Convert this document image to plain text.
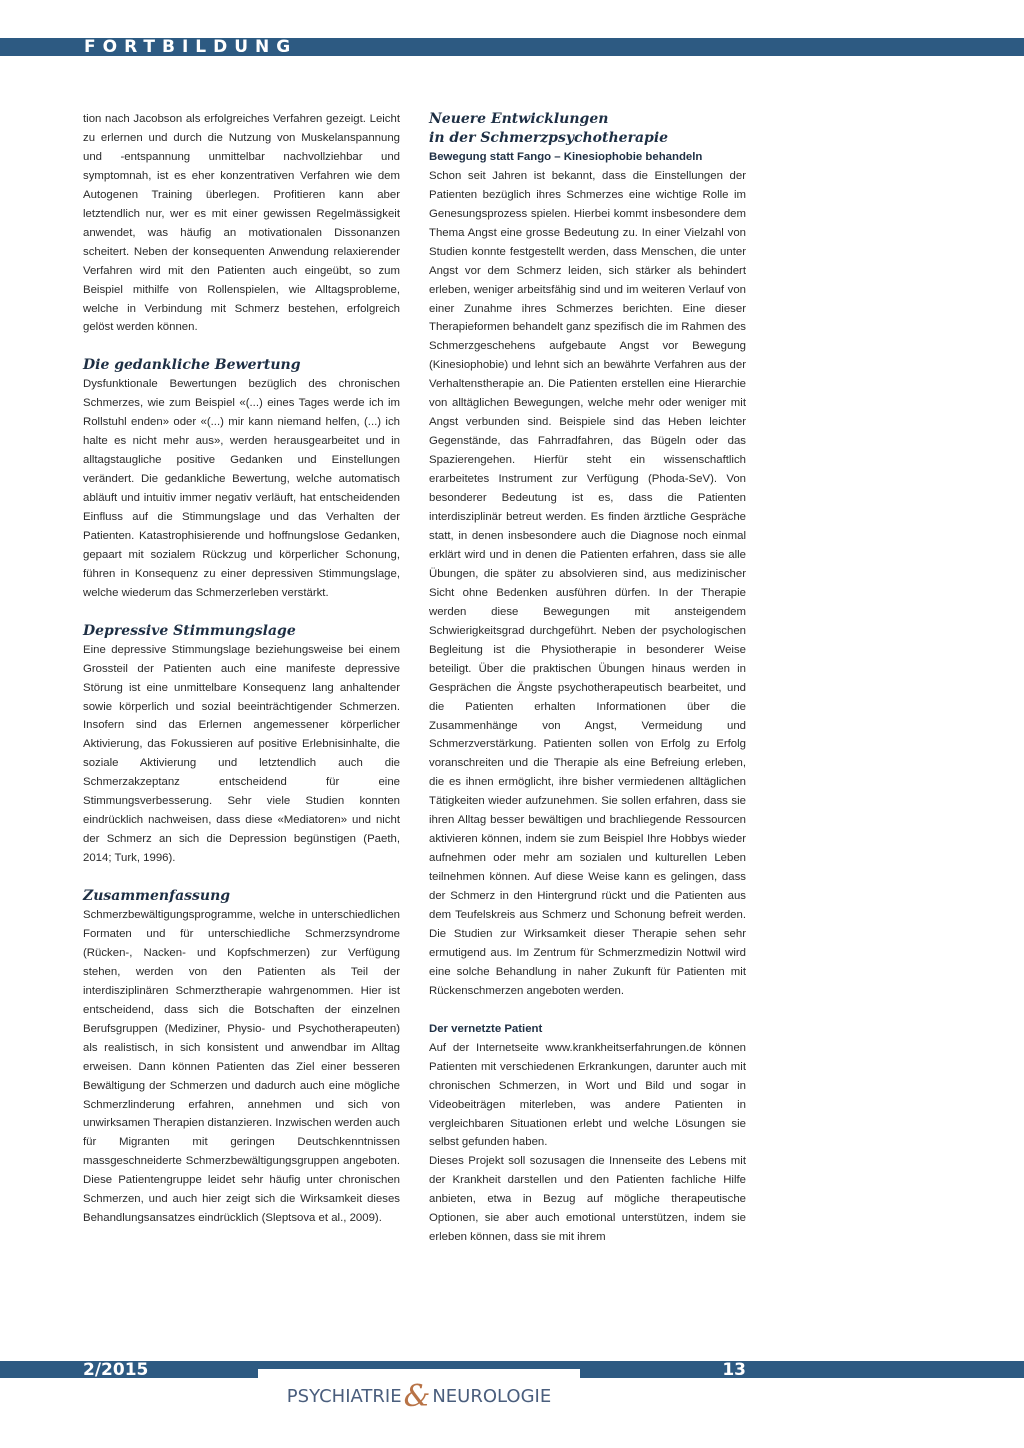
FORTBILDUNG

tion nach Jacobson als erfolgreiches Verfahren gezeigt. Leicht zu erlernen und durch die Nutzung von Muskelanspannung und -entspannung unmittelbar nachvollziehbar und symptomnah, ist es eher konzentrativen Verfahren wie dem Autogenen Training überlegen. Profitieren kann aber letztendlich nur, wer es mit einer gewissen Regelmässigkeit anwendet, was häufig an motivationalen Dissonanzen scheitert. Neben der konsequenten Anwendung relaxierender Verfahren wird mit den Patienten auch eingeübt, so zum Beispiel mithilfe von Rollenspielen, wie Alltagsprobleme, welche in Verbindung mit Schmerz bestehen, erfolgreich gelöst werden können.

Die gedankliche Bewertung

Dysfunktionale Bewertungen bezüglich des chronischen Schmerzes, wie zum Beispiel «(...) eines Tages werde ich im Rollstuhl enden» oder «(...) mir kann niemand helfen, (...) ich halte es nicht mehr aus», werden herausgearbeitet und in alltagstaugliche positive Gedanken und Einstellungen verändert. Die gedankliche Bewertung, welche automatisch abläuft und intuitiv immer negativ verläuft, hat entscheidenden Einfluss auf die Stimmungslage und das Verhalten der Patienten. Katastrophisierende und hoffnungslose Gedanken, gepaart mit sozialem Rückzug und körperlicher Schonung, führen in Konsequenz zu einer depressiven Stimmungslage, welche wiederum das Schmerzerleben verstärkt.

Depressive Stimmungslage

Eine depressive Stimmungslage beziehungsweise bei einem Grossteil der Patienten auch eine manifeste depressive Störung ist eine unmittelbare Konsequenz lang anhaltender sowie körperlich und sozial beeinträchtigender Schmerzen. Insofern sind das Erlernen angemessener körperlicher Aktivierung, das Fokussieren auf positive Erlebnisinhalte, die soziale Aktivierung und letztendlich auch die Schmerzakzeptanz entscheidend für eine Stimmungsverbesserung. Sehr viele Studien konnten eindrücklich nachweisen, dass diese «Mediatoren» und nicht der Schmerz an sich die Depression begünstigen (Paeth, 2014; Turk, 1996).

Zusammenfassung

Schmerzbewältigungsprogramme, welche in unterschiedlichen Formaten und für unterschiedliche Schmerzsyndrome (Rücken-, Nacken- und Kopfschmerzen) zur Verfügung stehen, werden von den Patienten als Teil der interdisziplinären Schmerztherapie wahrgenommen. Hier ist entscheidend, dass sich die Botschaften der einzelnen Berufsgruppen (Mediziner, Physio- und Psychotherapeuten) als realistisch, in sich konsistent und anwendbar im Alltag erweisen. Dann können Patienten das Ziel einer besseren Bewältigung der Schmerzen und dadurch auch eine mögliche Schmerzlinderung erfahren, annehmen und sich von unwirksamen Therapien distanzieren. Inzwischen werden auch für Migranten mit geringen Deutschkenntnissen massgeschneiderte Schmerzbewältigungsgruppen angeboten. Diese Patientengruppe leidet sehr häufig unter chronischen Schmerzen, und auch hier zeigt sich die Wirksamkeit dieses Behandlungsansatzes eindrücklich (Sleptsova et al., 2009).

Neuere Entwicklungen
in der Schmerzpsychotherapie
Bewegung statt Fango – Kinesiophobie behandeln

Schon seit Jahren ist bekannt, dass die Einstellungen der Patienten bezüglich ihres Schmerzes eine wichtige Rolle im Genesungsprozess spielen. Hierbei kommt insbesondere dem Thema Angst eine grosse Bedeutung zu. In einer Vielzahl von Studien konnte festgestellt werden, dass Menschen, die unter Angst vor dem Schmerz leiden, sich stärker als behindert erleben, weniger arbeitsfähig sind und im weiteren Verlauf von einer Zunahme ihres Schmerzes berichten. Eine dieser Therapieformen behandelt ganz spezifisch die im Rahmen des Schmerzgeschehens aufgebaute Angst vor Bewegung (Kinesiophobie) und lehnt sich an bewährte Verfahren aus der Verhaltenstherapie an. Die Patienten erstellen eine Hierarchie von alltäglichen Bewegungen, welche mehr oder weniger mit Angst verbunden sind. Beispiele sind das Heben leichter Gegenstände, das Fahrradfahren, das Bügeln oder das Spazierengehen. Hierfür steht ein wissenschaftlich erarbeitetes Instrument zur Verfügung (Phoda-SeV). Von besonderer Bedeutung ist es, dass die Patienten interdisziplinär betreut werden. Es finden ärztliche Gespräche statt, in denen insbesondere auch die Diagnose noch einmal erklärt wird und in denen die Patienten erfahren, dass sie alle Übungen, die später zu absolvieren sind, aus medizinischer Sicht ohne Bedenken ausführen dürfen. In der Therapie werden diese Bewegungen mit ansteigendem Schwierigkeitsgrad durchgeführt. Neben der psychologischen Begleitung ist die Physiotherapie in besonderer Weise beteiligt. Über die praktischen Übungen hinaus werden in Gesprächen die Ängste psychotherapeutisch bearbeitet, und die Patienten erhalten Informationen über die Zusammenhänge von Angst, Vermeidung und Schmerzverstärkung. Patienten sollen von Erfolg zu Erfolg voranschreiten und die Therapie als eine Befreiung erleben, die es ihnen ermöglicht, ihre bisher vermiedenen alltäglichen Tätigkeiten wieder aufzunehmen. Sie sollen erfahren, dass sie ihren Alltag besser bewältigen und brachliegende Ressourcen aktivieren können, indem sie zum Beispiel Ihre Hobbys wieder aufnehmen oder mehr am sozialen und kulturellen Leben teilnehmen können. Auf diese Weise kann es gelingen, dass der Schmerz in den Hintergrund rückt und die Patienten aus dem Teufelskreis aus Schmerz und Schonung befreit werden. Die Studien zur Wirksamkeit dieser Therapie sehen sehr ermutigend aus. Im Zentrum für Schmerzmedizin Nottwil wird eine solche Behandlung in naher Zukunft für Patienten mit Rückenschmerzen angeboten werden.

Der vernetzte Patient

Auf der Internetseite www.krankheitserfahrungen.de können Patienten mit verschiedenen Erkrankungen, darunter auch mit chronischen Schmerzen, in Wort und Bild und sogar in Videobeiträgen miterleben, was andere Patienten in vergleichbaren Situationen erlebt und welche Lösungen sie selbst gefunden haben.

Dieses Projekt soll sozusagen die Innenseite des Lebens mit der Krankheit darstellen und den Patienten fachliche Hilfe anbieten, etwa in Bezug auf mögliche therapeutische Optionen, sie aber auch emotional unterstützen, indem sie erleben können, dass sie mit ihrem

2/2015	13
PSYCHIATRIE& NEUROLOGIE
